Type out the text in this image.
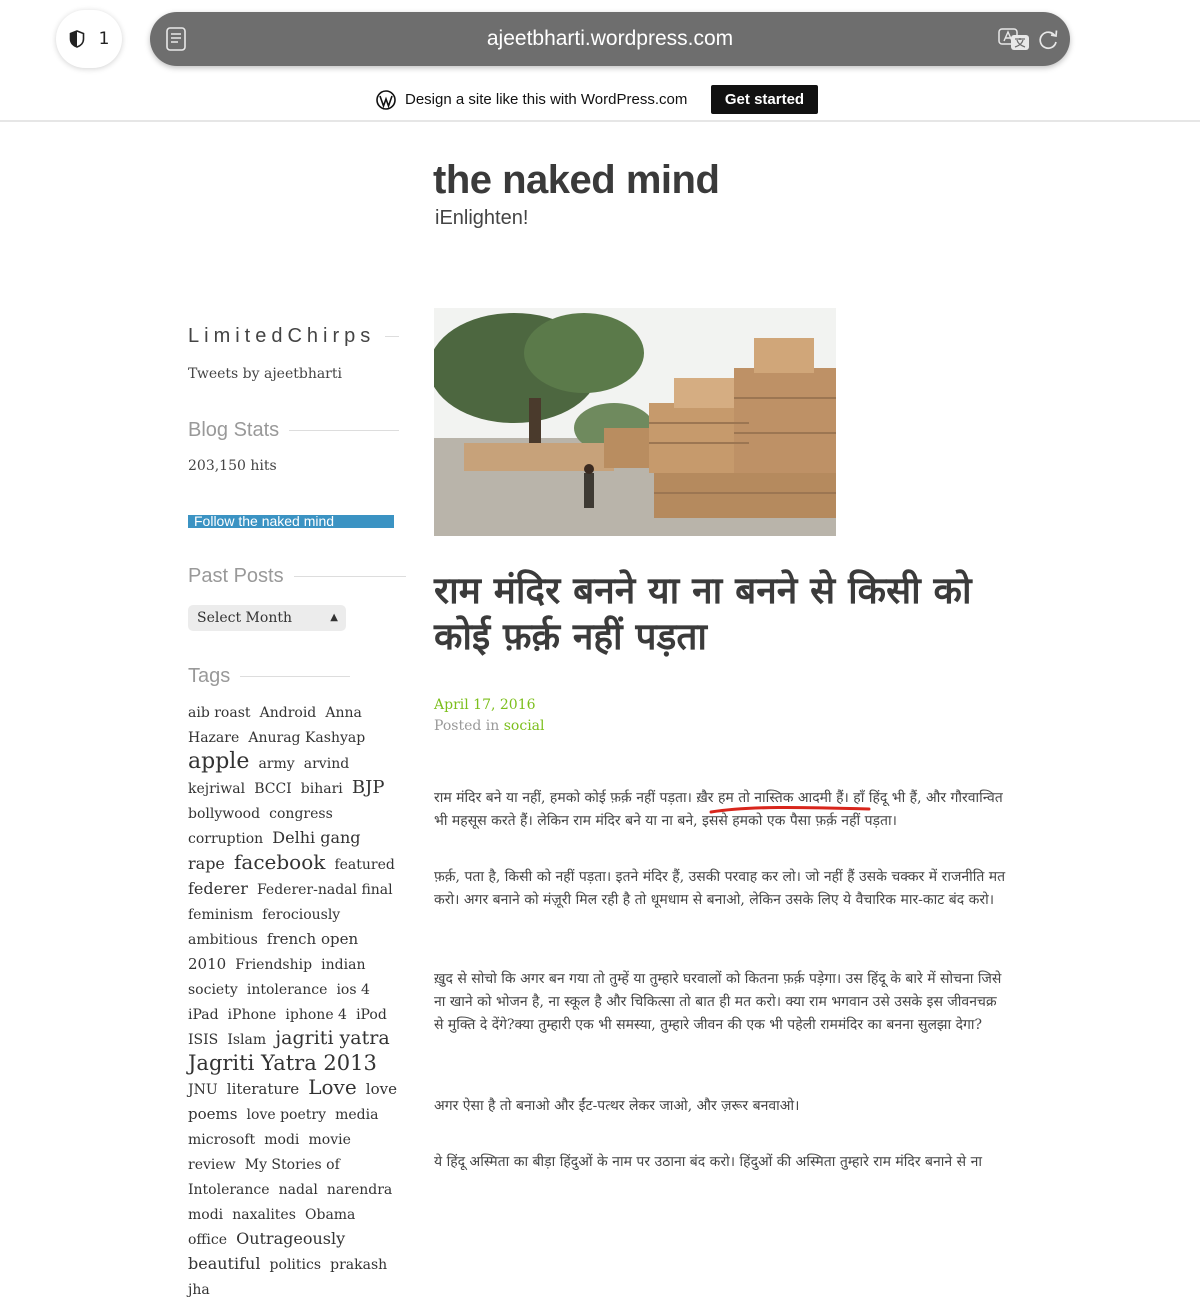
1	ajeetbharti.wordpress.com
Design a site like this with WordPress.com	Get started
the naked mind
iEnlighten!
LimitedChirps
Tweets by ajeetbharti
Blog Stats
203,150 hits
Follow the naked mind
Past Posts
Select Month	▲

Tags
aib roast Android Anna Hazare Anurag Kashyap apple army arvind kejriwal BCCI bihari BJP bollywood congress corruption Delhi gang rape facebook featured federer Federer-nadal final feminism ferociously ambitious french open 2010 Friendship indian society intolerance ios 4 iPad iPhone iphone 4 iPod ISIS Islam jagriti yatra Jagriti Yatra 2013 JNU literature Love love poems love poetry media microsoft modi movie review My Stories of Intolerance nadal narendra modi naxalites Obama office Outrageously beautiful politics prakash jha
राम मंदिर बनने या ना बनने से किसी को कोई फ़र्क़ नहीं पड़ता
April 17, 2016
Posted in social

राम मंदिर बने या नहीं, हमको कोई फ़र्क़ नहीं पड़ता। ख़ैर हम तो नास्तिक आदमी हैं। हाँ हिंदू भी हैं, और गौरवान्वित भी महसूस करते हैं। लेकिन राम मंदिर बने या ना बने, इससे हमको एक पैसा फ़र्क़ नहीं पड़ता।

फ़र्क़, पता है, किसी को नहीं पड़ता। इतने मंदिर हैं, उसकी परवाह कर लो। जो नहीं हैं उसके चक्कर में राजनीति मत करो। अगर बनाने को मंज़ूरी मिल रही है तो धूमधाम से बनाओ, लेकिन उसके लिए ये वैचारिक मार-काट बंद करो।

ख़ुद से सोचो कि अगर बन गया तो तुम्हें या तुम्हारे घरवालों को कितना फ़र्क़ पड़ेगा। उस हिंदू के बारे में सोचना जिसे ना खाने को भोजन है, ना स्कूल है और चिकित्सा तो बात ही मत करो। क्या राम भगवान उसे उसके इस जीवनचक्र से मुक्ति दे देंगे?क्या तुम्हारी एक भी समस्या, तुम्हारे जीवन की एक भी पहेली राममंदिर का बनना सुलझा देगा?

अगर ऐसा है तो बनाओ और ईंट-पत्थर लेकर जाओ, और ज़रूर बनवाओ।

ये हिंदू अस्मिता का बीड़ा हिंदुओं के नाम पर उठाना बंद करो। हिंदुओं की अस्मिता तुम्हारे राम मंदिर बनाने से ना
